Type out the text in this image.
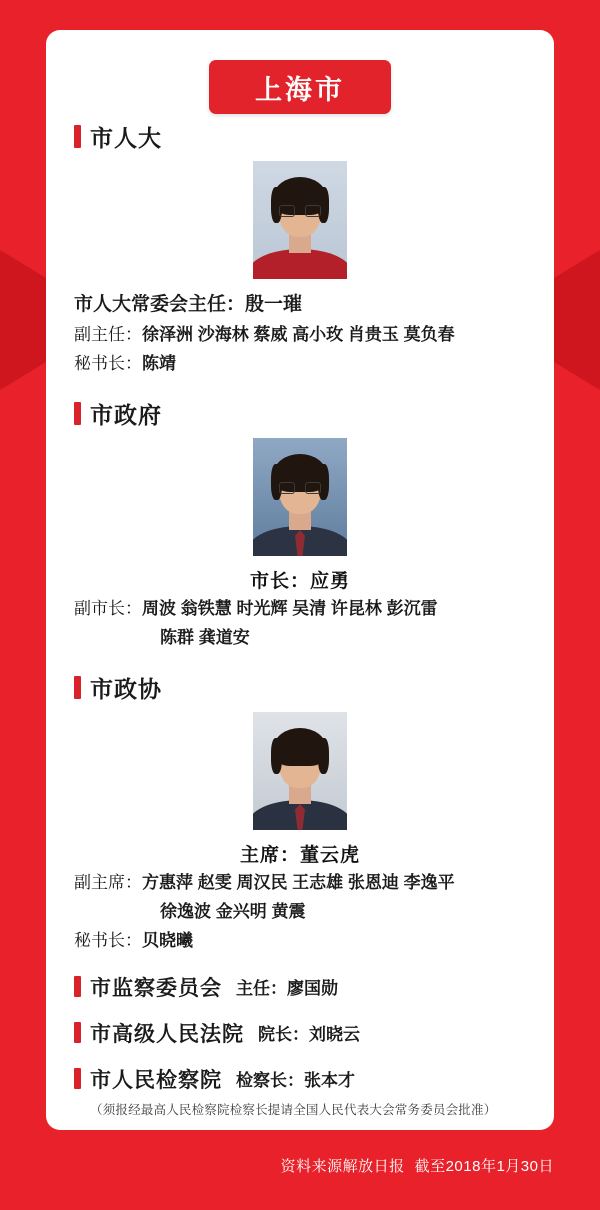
上海市
市人大
市人大常委会主任： 殷一璀
副主任： 徐泽洲 沙海林 蔡威 高小玫 肖贵玉 莫负春
秘书长： 陈靖
市政府
市长：应勇
副市长： 周波 翁铁慧 时光辉 吴清 许昆林 彭沉雷
陈群 龚道安
市政协
主席：董云虎
副主席： 方惠萍 赵雯 周汉民 王志雄 张恩迪 李逸平
徐逸波 金兴明 黄震
秘书长： 贝晓曦
市监察委员会 主任： 廖国勋
市高级人民法院 院长： 刘晓云
市人民检察院 检察长： 张本才
（须报经最高人民检察院检察长提请全国人民代表大会常务委员会批准）
资料来源解放日报 截至2018年1月30日
